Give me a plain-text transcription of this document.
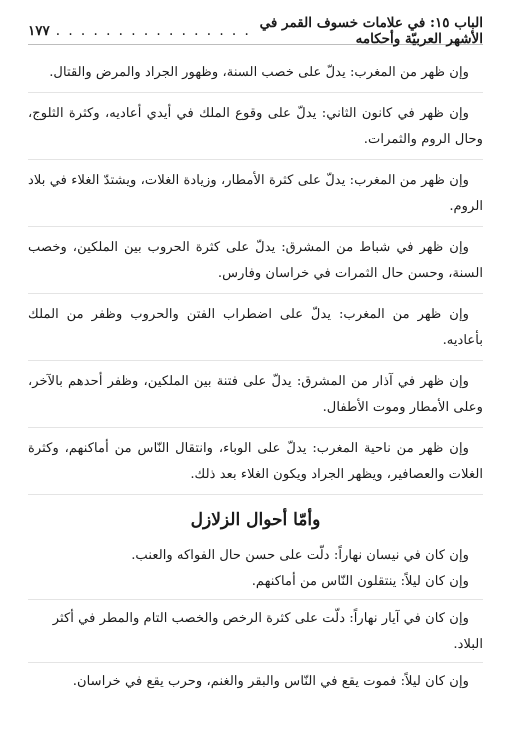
الباب ١٥: في علامات خسوف القمر في الأشهر العربيّة وأحكامه
. . . . . . . . . . . . . . . .
١٧٧

وإن ظهر من المغرب: يدلّ على خصب السنة، وظهور الجراد والمرض والقتال.

وإن ظهر في كانون الثاني: يدلّ على وقوع الملك في أيدي أعاديه، وكثرة الثلوج، وحال الروم والثمرات.

وإن ظهر من المغرب: يدلّ على كثرة الأمطار، وزيادة الغلات، ويشتدّ الغلاء في بلاد الروم.

وإن ظهر في شباط من المشرق: يدلّ على كثرة الحروب بين الملكين، وخصب السنة، وحسن حال الثمرات في خراسان وفارس.

وإن ظهر من المغرب: يدلّ على اضطراب الفتن والحروب وظفر من الملك بأعاديه.

وإن ظهر في آذار من المشرق: يدلّ على فتنة بين الملكين، وظفر أحدهم بالآخر، وعلى الأمطار وموت الأطفال.

وإن ظهر من ناحية المغرب: يدلّ على الوباء، وانتقال النّاس من أماكنهم، وكثرة الغلات والعصافير، ويظهر الجراد ويكون الغلاء بعد ذلك.

وأمّا أحوال الزلازل

وإن كان في نيسان نهاراً: دلّت على حسن حال الفواكه والعنب.

وإن كان ليلاً: ينتقلون النّاس من أماكنهم.

وإن كان في آيار نهاراً: دلّت على كثرة الرخص والخصب التام والمطر في أكثر البلاد.

وإن كان ليلاً: فموت يقع في النّاس والبقر والغنم، وحرب يقع في خراسان.
